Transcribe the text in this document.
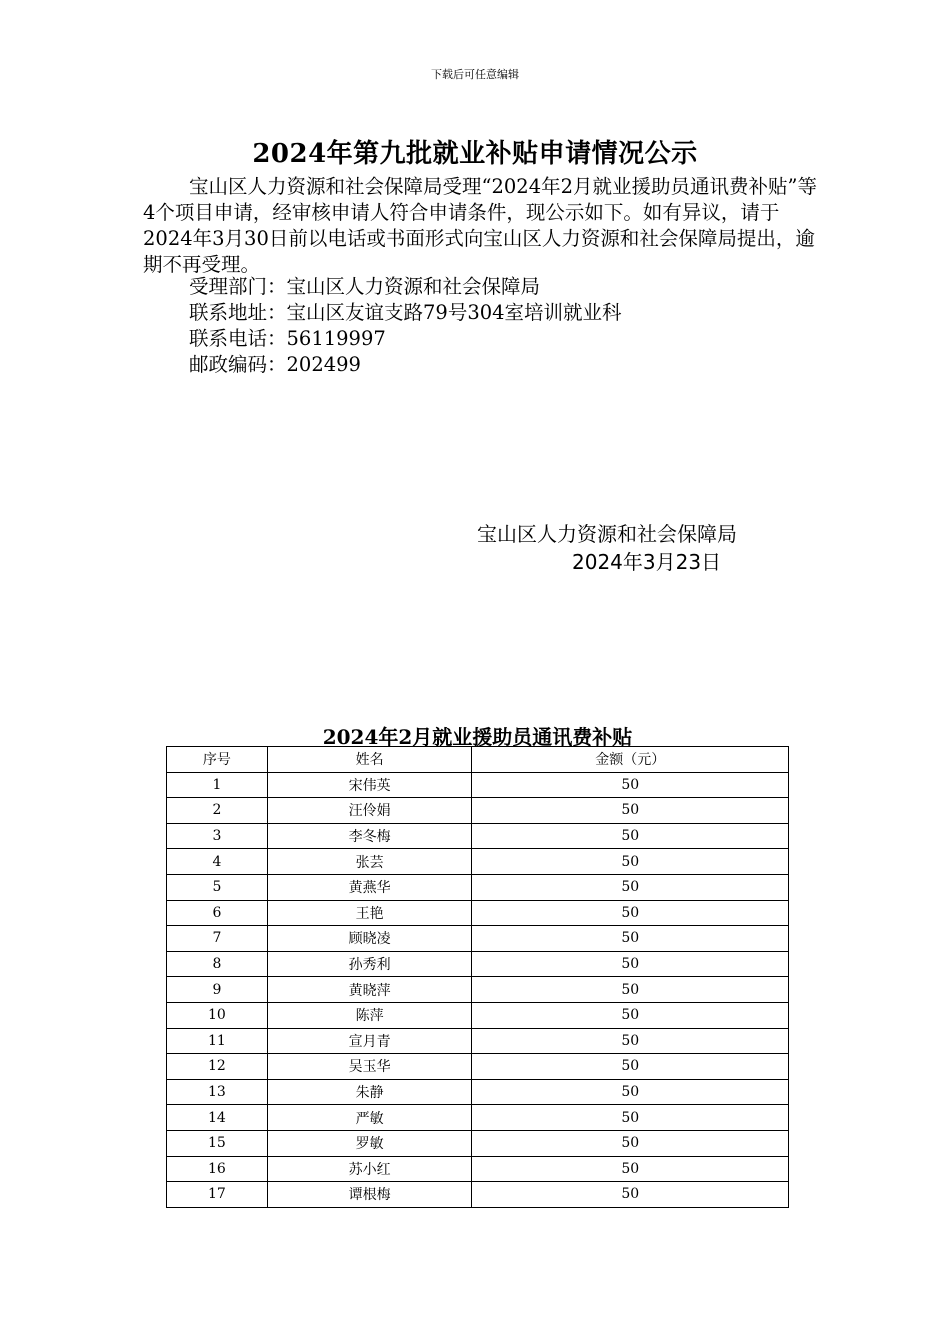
下载后可任意编辑
2024年第九批就业补贴申请情况公示
宝山区人力资源和社会保障局受理“2024年2月就业援助员通讯费补贴”等4个项目申请，经审核申请人符合申请条件，现公示如下。如有异议，请于2024年3月30日前以电话或书面形式向宝山区人力资源和社会保障局提出，逾期不再受理。
受理部门：宝山区人力资源和社会保障局
联系地址：宝山区友谊支路79号304室培训就业科
联系电话：56119997
邮政编码：202499
宝山区人力资源和社会保障局
2024年3月23日
2024年2月就业援助员通讯费补贴
序号	姓名	金额（元）
1	宋伟英	50
2	汪伶娟	50
3	李冬梅	50
4	张芸	50
5	黄燕华	50
6	王艳	50
7	顾晓凌	50
8	孙秀利	50
9	黄晓萍	50
10	陈萍	50
11	宣月青	50
12	吴玉华	50
13	朱静	50
14	严敏	50
15	罗敏	50
16	苏小红	50
17	谭根梅	50
